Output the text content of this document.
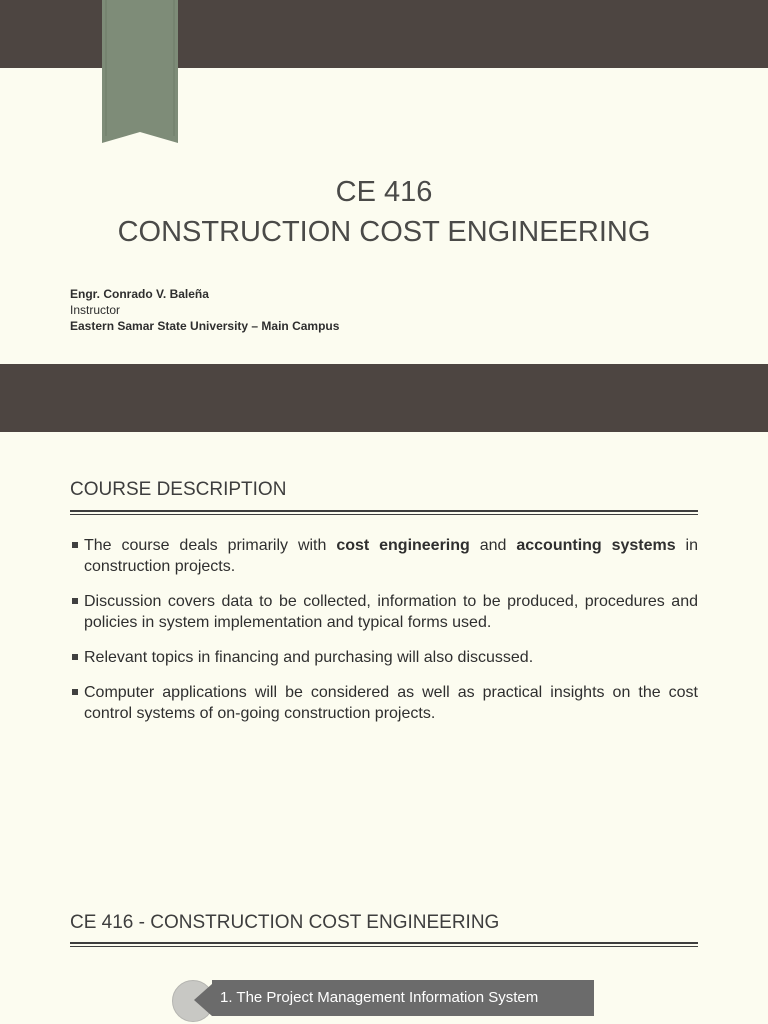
CE 416
CONSTRUCTION COST ENGINEERING
Engr. Conrado V. Baleña
Instructor
Eastern Samar State University – Main Campus
COURSE DESCRIPTION
The course deals primarily with cost engineering and accounting systems in construction projects.
Discussion covers data to be collected, information to be produced, procedures and policies in system implementation and typical forms used.
Relevant topics in financing and purchasing will also discussed.
Computer applications will be considered as well as practical insights on the cost control systems of on-going construction projects.
CE 416 - CONSTRUCTION COST ENGINEERING
1. The Project Management Information System
